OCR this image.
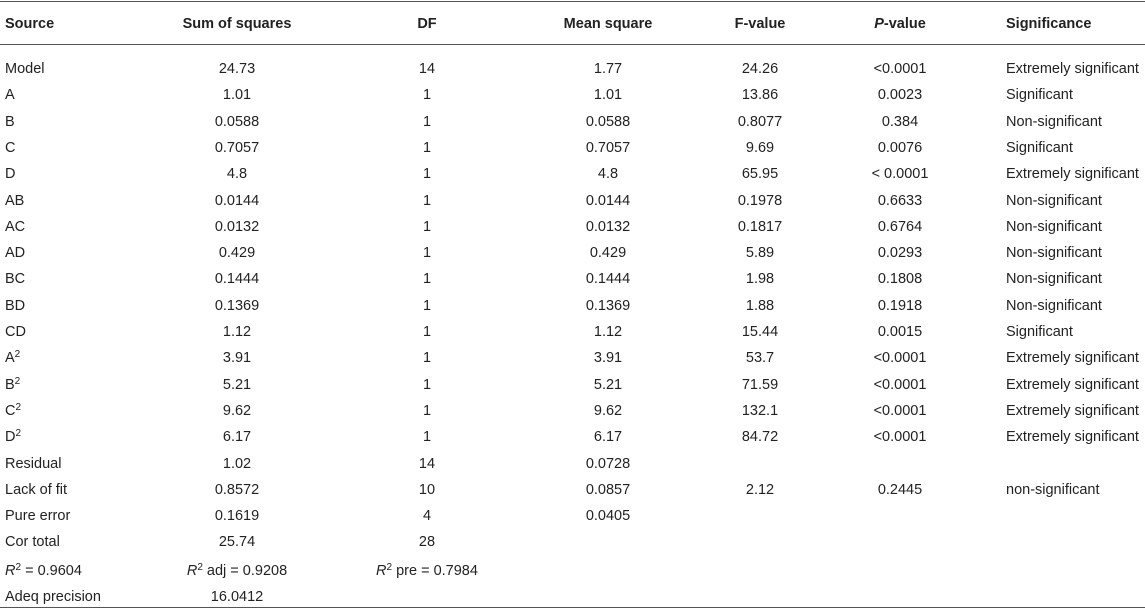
Source	Sum of squares	DF	Mean square	F-value	P-value	Significance
Model	24.73	14	1.77	24.26	<0.0001	Extremely significant
A	1.01	1	1.01	13.86	0.0023	Significant
B	0.0588	1	0.0588	0.8077	0.384	Non-significant
C	0.7057	1	0.7057	9.69	0.0076	Significant
D	4.8	1	4.8	65.95	< 0.0001	Extremely significant
AB	0.0144	1	0.0144	0.1978	0.6633	Non-significant
AC	0.0132	1	0.0132	0.1817	0.6764	Non-significant
AD	0.429	1	0.429	5.89	0.0293	Non-significant
BC	0.1444	1	0.1444	1.98	0.1808	Non-significant
BD	0.1369	1	0.1369	1.88	0.1918	Non-significant
CD	1.12	1	1.12	15.44	0.0015	Significant
$A^2$	3.91	1	3.91	53.7	<0.0001	Extremely significant
$B^2$	5.21	1	5.21	71.59	<0.0001	Extremely significant
$C^2$	9.62	1	9.62	132.1	<0.0001	Extremely significant
$D^2$	6.17	1	6.17	84.72	<0.0001	Extremely significant
Residual	1.02	14	0.0728
Lack of fit	0.8572	10	0.0857	2.12	0.2445	non-significant
Pure error	0.1619	4	0.0405
Cor total	25.74	28
$R^2 = 0.9604$	$R^2$ adj = 0.9208	$R^2$ pre = 0.7984
Adeq precision	16.0412
